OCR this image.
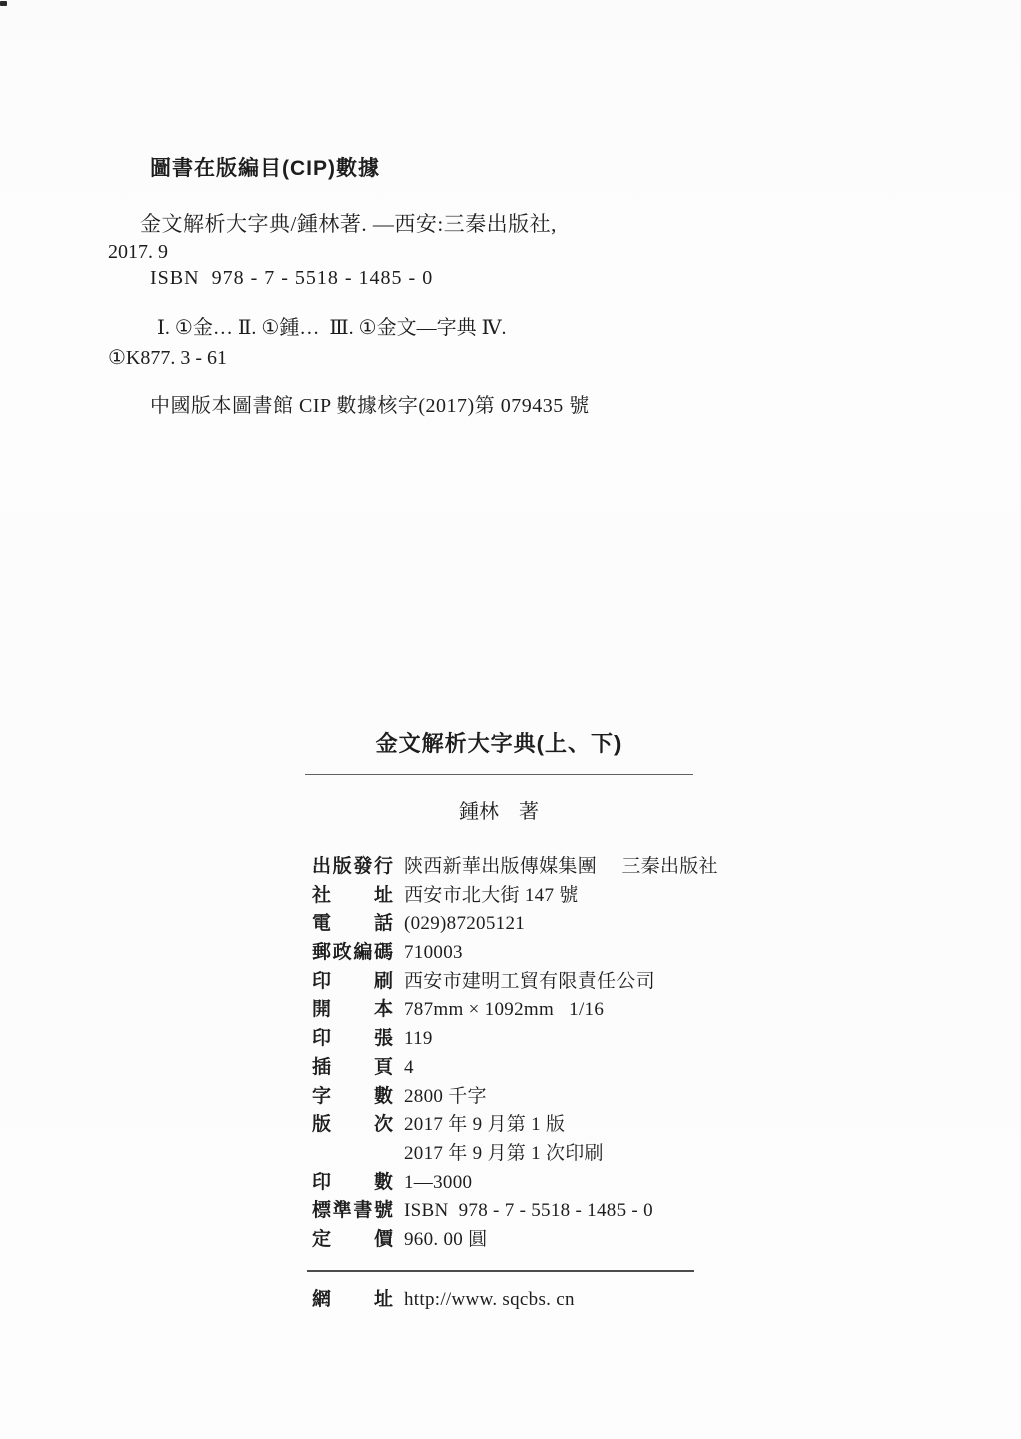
圖書在版編目(CIP)數據
金文解析大字典/鍾林著. —西安:三秦出版社,
2017. 9
ISBN  978 - 7 - 5518 - 1485 - 0
Ⅰ. ①金… Ⅱ. ①鍾…  Ⅲ. ①金文—字典 Ⅳ.
①K877. 3 - 61
中國版本圖書館 CIP 數據核字(2017)第 079435 號
金文解析大字典(上、下)
鍾林　著
出版發行 陝西新華出版傳媒集團　 三秦出版社
社址 西安市北大街 147 號
電話 (029)87205121
郵政編碼 710003
印刷 西安市建明工貿有限責任公司
開本 787mm × 1092mm   1/16
印張 119
插頁 4
字數 2800 千字
版次 2017 年 9 月第 1 版
2017 年 9 月第 1 次印刷
印數 1—3000
標準書號 ISBN  978 - 7 - 5518 - 1485 - 0
定價 960. 00 圓
網址 http://www. sqcbs. cn
